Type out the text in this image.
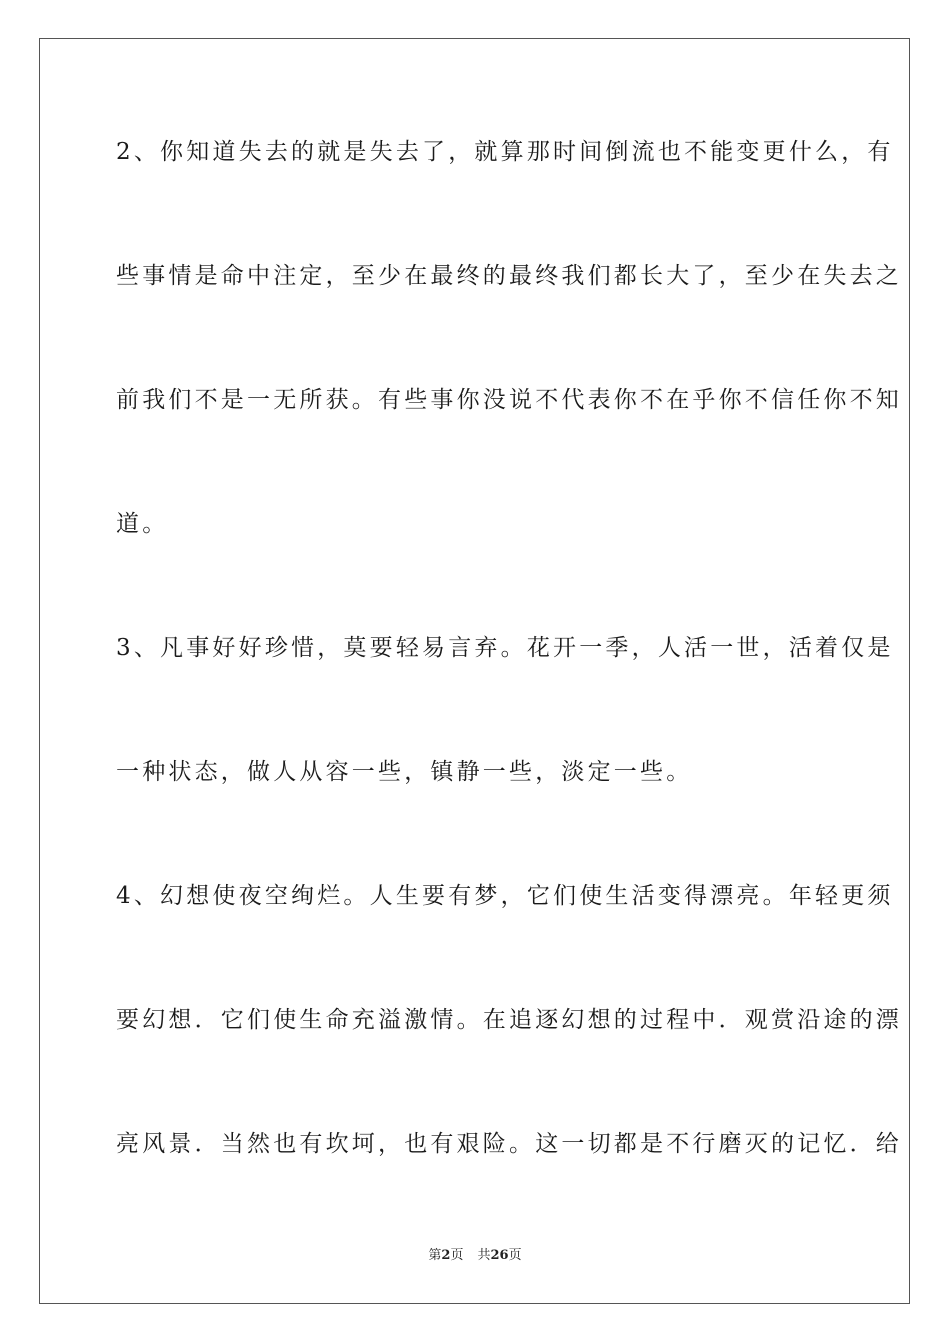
2、你知道失去的就是失去了，就算那时间倒流也不能变更什么，有
些事情是命中注定，至少在最终的最终我们都长大了，至少在失去之
前我们不是一无所获。有些事你没说不代表你不在乎你不信任你不知
道。
3、凡事好好珍惜，莫要轻易言弃。花开一季，人活一世，活着仅是
一种状态，做人从容一些，镇静一些，淡定一些。
4、幻想使夜空绚烂。人生要有梦，它们使生活变得漂亮。年轻更须
要幻想．它们使生命充溢激情。在追逐幻想的过程中．观赏沿途的漂
亮风景．当然也有坎坷，也有艰险。这一切都是不行磨灭的记忆．给
第2页 共26页
